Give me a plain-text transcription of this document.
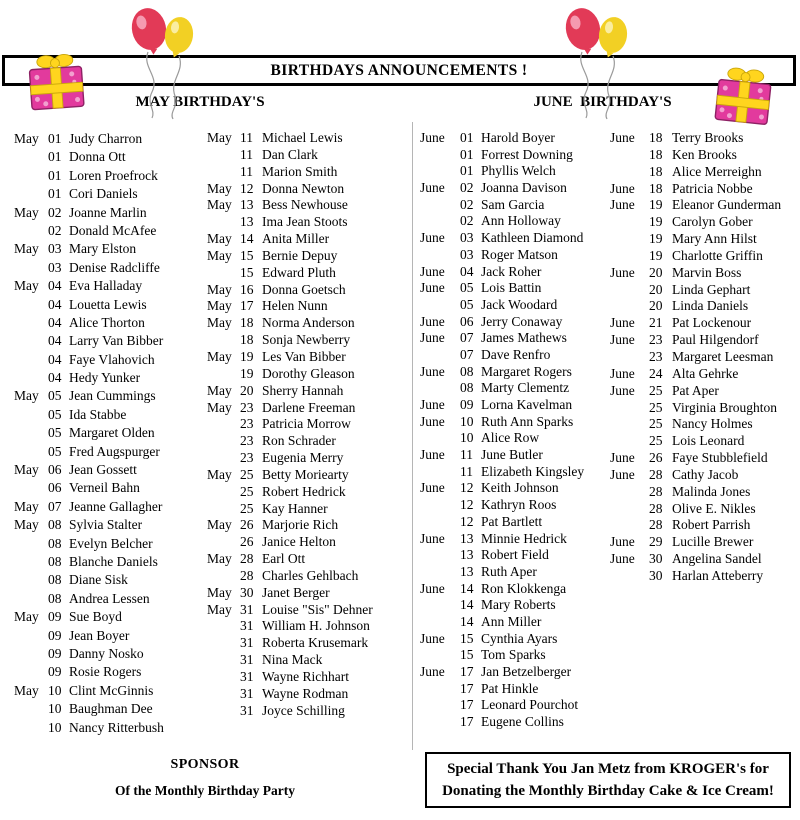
BIRTHDAYS ANNOUNCEMENTS !
MAY BIRTHDAY'S	JUNE  BIRTHDAY'S
May 01 Judy Charron
01 Donna Ott
01 Loren Proefrock
01 Cori Daniels
May 02 Joanne Marlin
02 Donald McAfee
May 03 Mary Elston
03 Denise Radcliffe
May 04 Eva Halladay
04 Louetta Lewis
04 Alice Thorton
04 Larry Van Bibber
04 Faye Vlahovich
04 Hedy Yunker
May 05 Jean Cummings
05 Ida Stabbe
05 Margaret Olden
05 Fred Augspurger
May 06 Jean Gossett
06 Verneil Bahn
May 07 Jeanne Gallagher
May 08 Sylvia Stalter
08 Evelyn Belcher
08 Blanche Daniels
08 Diane Sisk
08 Andrea Lessen
May 09 Sue Boyd
09 Jean Boyer
09 Danny Nosko
09 Rosie Rogers
May 10 Clint McGinnis
10 Baughman Dee
10 Nancy Ritterbush
May 11 Michael Lewis
11 Dan Clark
11 Marion Smith
May 12 Donna Newton
May 13 Bess Newhouse
13 Ima Jean Stoots
May 14 Anita Miller
May 15 Bernie Depuy
15 Edward Pluth
May 16 Donna Goetsch
May 17 Helen Nunn
May 18 Norma Anderson
18 Sonja Newberry
May 19 Les Van Bibber
19 Dorothy Gleason
May 20 Sherry Hannah
May 23 Darlene Freeman
23 Patricia Morrow
23 Ron Schrader
23 Eugenia Merry
May 25 Betty Moriearty
25 Robert Hedrick
25 Kay Hanner
May 26 Marjorie Rich
26 Janice Helton
May 28 Earl Ott
28 Charles Gehlbach
May 30 Janet Berger
May 31 Louise "Sis" Dehner
31 William H. Johnson
31 Roberta Krusemark
31 Nina Mack
31 Wayne Richhart
31 Wayne Rodman
31 Joyce Schilling
June	01 Harold Boyer
01 Forrest Downing
01 Phyllis Welch
June	02 Joanna Davison
02 Sam Garcia
02 Ann Holloway
June	03 Kathleen Diamond
03 Roger Matson
June	04 Jack Roher
June	05 Lois Battin
05 Jack Woodard
June	06 Jerry Conaway
June	07 James Mathews
07 Dave Renfro
June	08 Margaret Rogers
08 Marty Clementz
June	09 Lorna Kavelman
June	10 Ruth Ann Sparks
10 Alice Row
June	11 June Butler
11 Elizabeth Kingsley
June	12 Keith Johnson
12 Kathryn Roos
12 Pat Bartlett
June	13 Minnie Hedrick
13 Robert Field
13 Ruth Aper
June	14 Ron Klokkenga
14 Mary Roberts
14 Ann Miller
June	15 Cynthia Ayars
15 Tom Sparks
June	17 Jan Betzelberger
17 Pat Hinkle
17 Leonard Pourchot
17 Eugene Collins
June	18 Terry Brooks
18 Ken Brooks
18 Alice Merreighn
June	18 Patricia Nobbe
June	19 Eleanor Gunderman
19 Carolyn Gober
19 Mary Ann Hilst
19 Charlotte Griffin
June	20 Marvin Boss
20 Linda Gephart
20 Linda Daniels
June	21 Pat Lockenour
June	23 Paul Hilgendorf
23 Margaret Leesman
June	24 Alta Gehrke
June	25 Pat Aper
25 Virginia Broughton
25 Nancy Holmes
25 Lois Leonard
June	26 Faye Stubblefield
June	28 Cathy Jacob
28 Malinda Jones
28 Olive E. Nikles
28 Robert Parrish
June	29 Lucille Brewer
June	30 Angelina Sandel
30 Harlan Atteberry
SPONSOR
Of the Monthly Birthday Party
Special Thank You Jan Metz from KROGER's for
Donating the Monthly Birthday Cake & Ice Cream!
